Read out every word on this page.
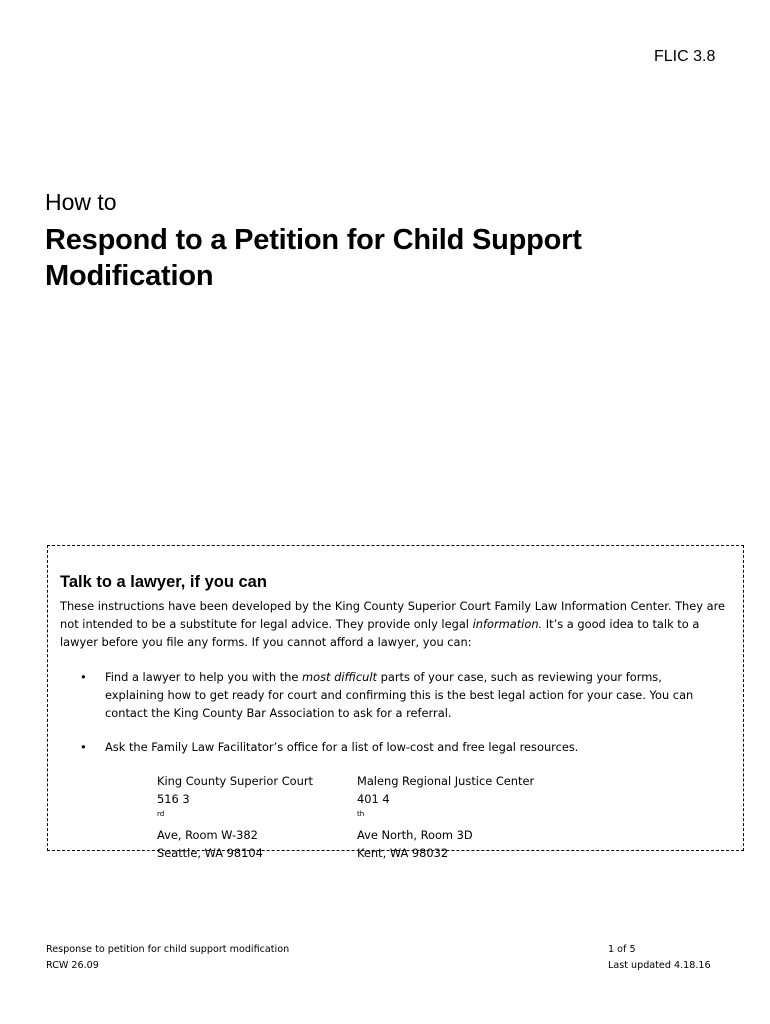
FLIC 3.8
How to
Respond to a Petition for Child Support Modification
Talk to a lawyer, if you can
These instructions have been developed by the King County Superior Court Family Law Information Center. They are not intended to be a substitute for legal advice. They provide only legal information. It’s a good idea to talk to a lawyer before you file any forms. If you cannot afford a lawyer, you can:
•	Find a lawyer to help you with the most difficult parts of your case, such as reviewing your forms, explaining how to get ready for court and confirming this is the best legal action for your case. You can contact the King County Bar Association to ask for a referral.
•	Ask the Family Law Facilitator’s office for a list of low-cost and free legal resources.
King County Superior Court
516 3
$^{rd}$
Ave, Room W-382
Seattle, WA 98104
Maleng Regional Justice Center
401 4
$^{th}$
Ave North, Room 3D
Kent, WA 98032
Response to petition for child support modification
RCW 26.09
1 of 5
Last updated 4.18.16
